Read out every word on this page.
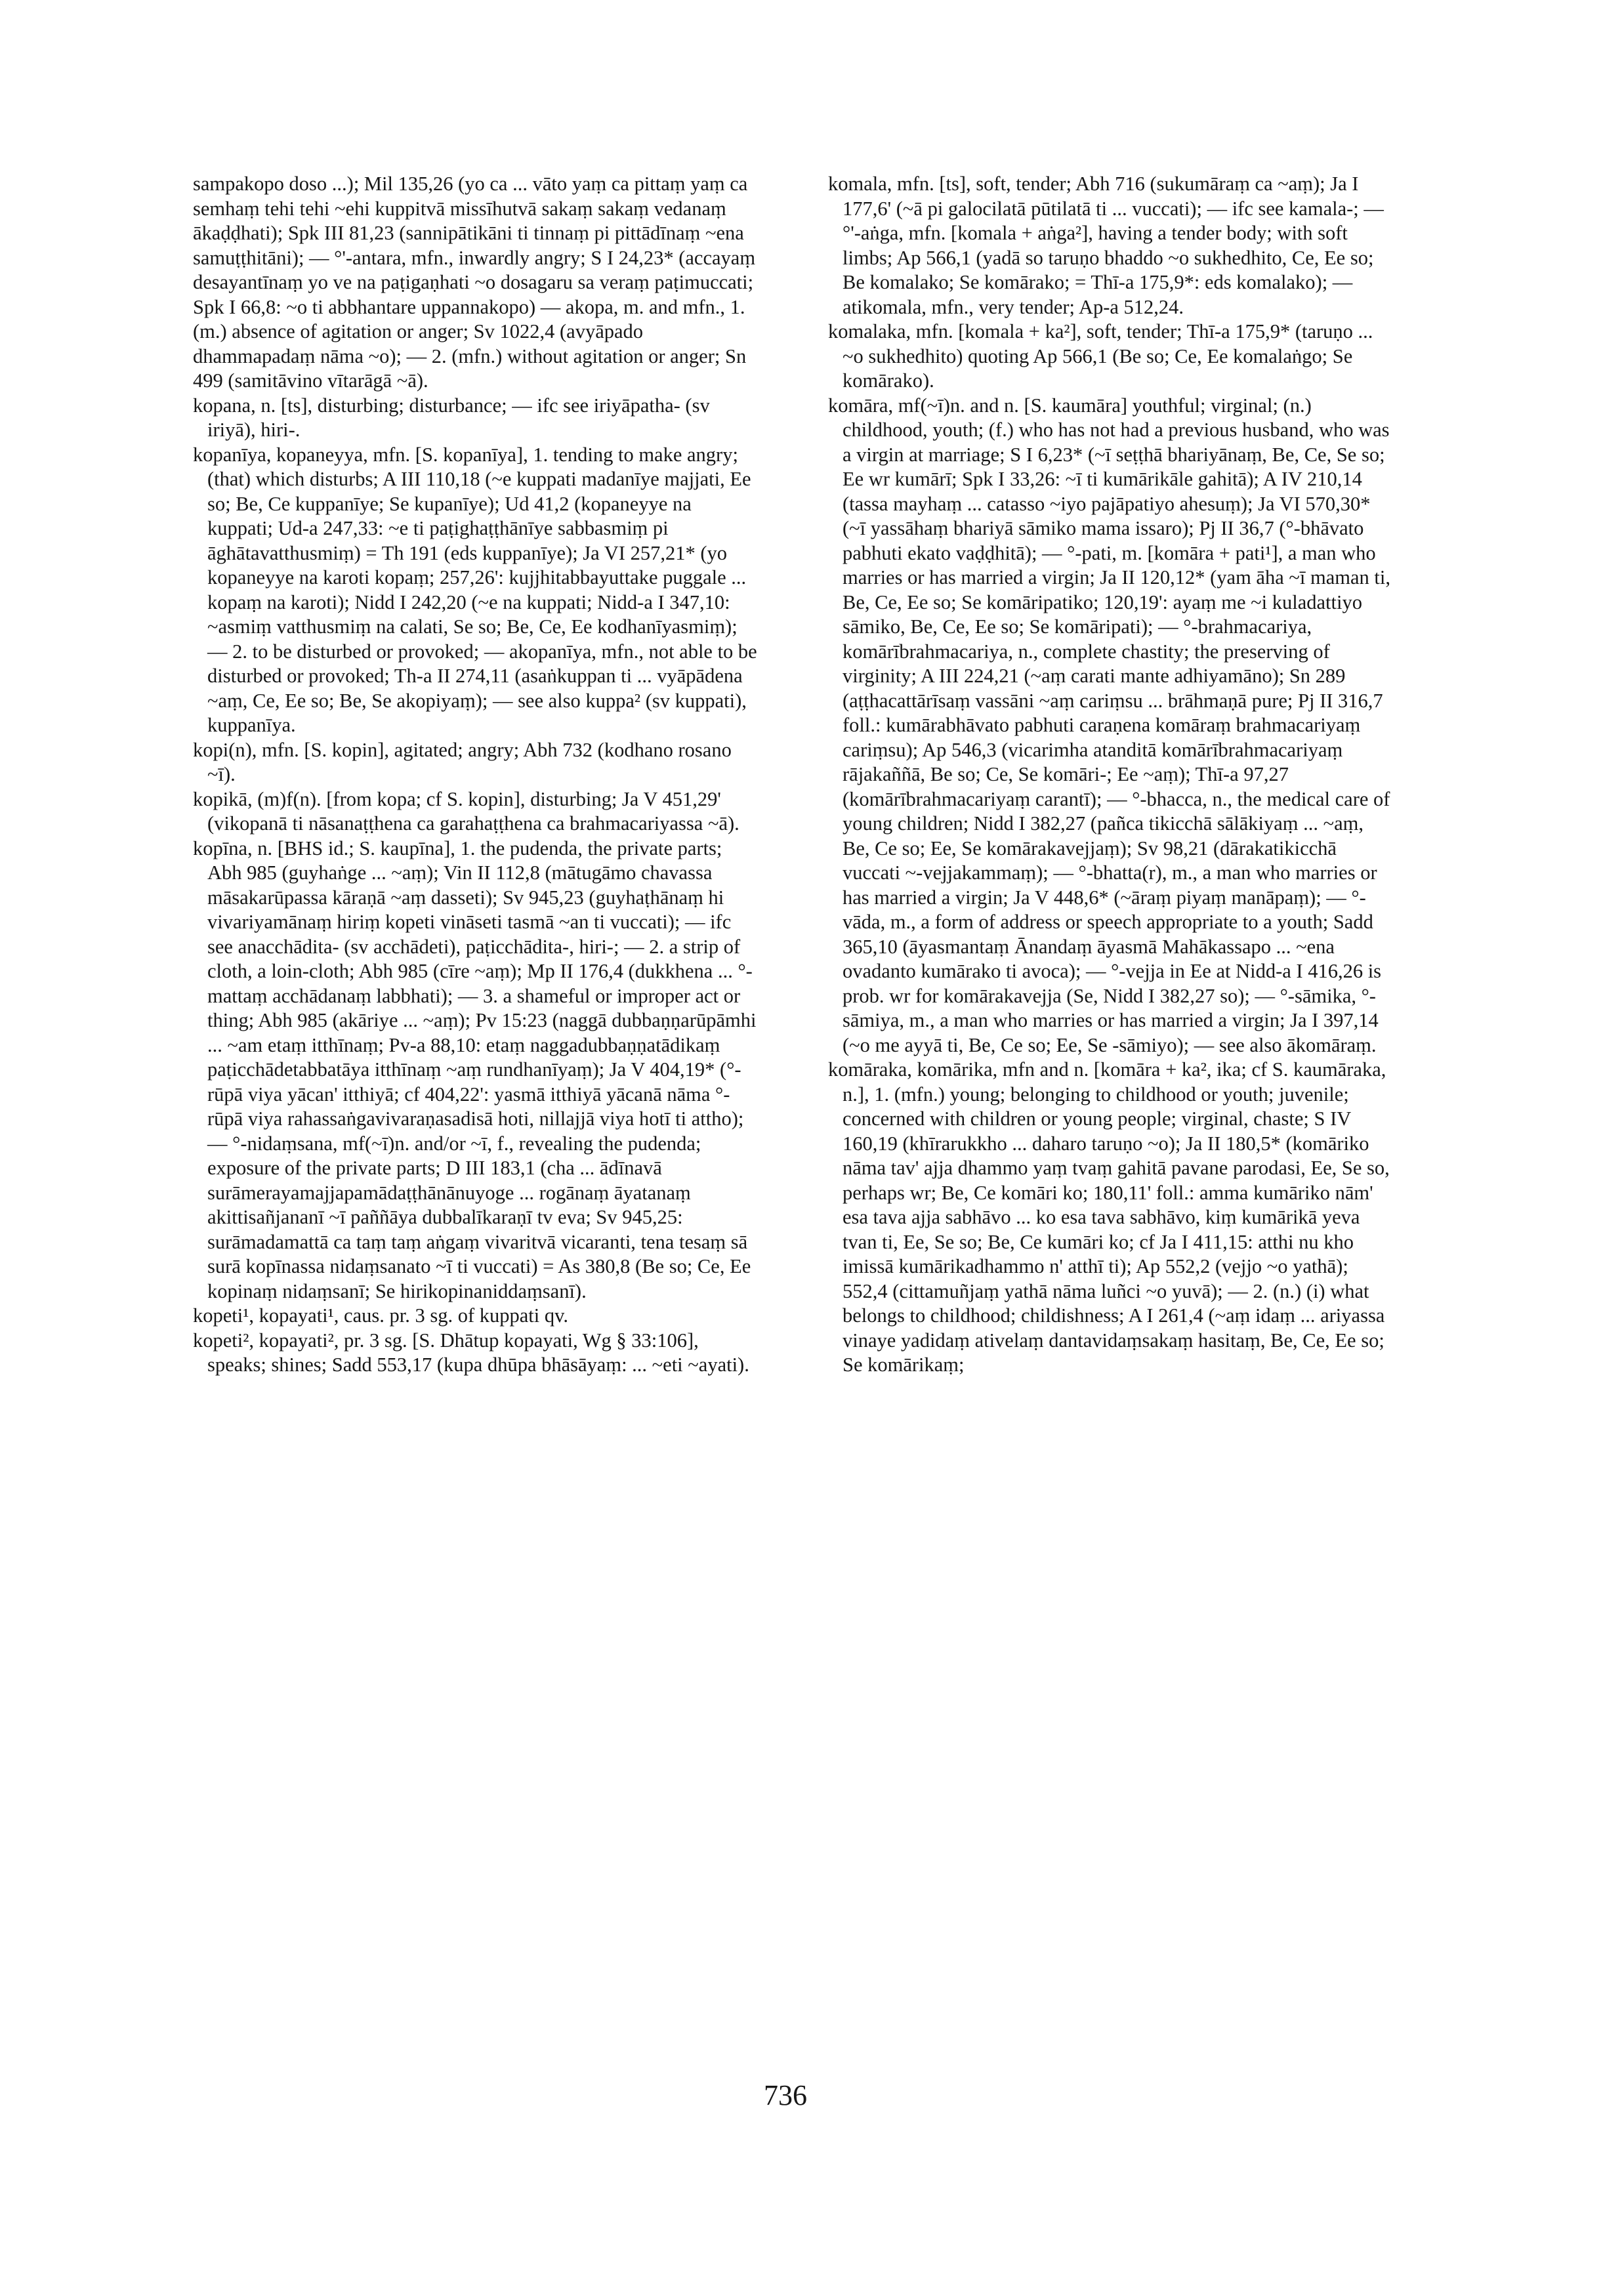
sampakopo doso ...); Mil 135,26 (yo ca ... vāto yaṃ ca pittaṃ yaṃ ca semhaṃ tehi tehi ~ehi kuppitvā missīhutvā sakaṃ sakaṃ vedanaṃ ākaḍḍhati); Spk III 81,23 (sannipātikāni ti tinnaṃ pi pittādīnaṃ ~ena samuṭṭhitāni); — °'-antara, mfn., inwardly angry; S I 24,23* (accayaṃ desayantīnaṃ yo ve na paṭigaṇhati ~o dosagaru sa veraṃ paṭimuccati; Spk I 66,8: ~o ti abbhantare uppannakopo) — akopa, m. and mfn., 1. (m.) absence of agitation or anger; Sv 1022,4 (avyāpado dhammapadaṃ nāma ~o); — 2. (mfn.) without agitation or anger; Sn 499 (samitāvino vītarāgā ~ā).

kopana, n. [ts], disturbing; disturbance; — ifc see iriyāpatha- (sv iriyā), hiri-.

kopanīya, kopaneyya, mfn. [S. kopanīya], 1. tending to make angry; (that) which disturbs; A III 110,18 (~e kuppati madanīye majjati, Ee so; Be, Ce kuppanīye; Se kupanīye); Ud 41,2 (kopaneyye na kuppati; Ud-a 247,33: ~e ti paṭighaṭṭhānīye sabbasmiṃ pi āghātavatthusmiṃ) = Th 191 (eds kuppanīye); Ja VI 257,21* (yo kopaneyye na karoti kopaṃ; 257,26': kujjhitabbayuttake puggale ... kopaṃ na karoti); Nidd I 242,20 (~e na kuppati; Nidd-a I 347,10: ~asmiṃ vatthusmiṃ na calati, Se so; Be, Ce, Ee kodhanīyasmiṃ); — 2. to be disturbed or provoked; — akopanīya, mfn., not able to be disturbed or provoked; Th-a II 274,11 (asaṅkuppan ti ... vyāpādena ~aṃ, Ce, Ee so; Be, Se akopiyaṃ); — see also kuppa² (sv kuppati), kuppanīya.

kopi(n), mfn. [S. kopin], agitated; angry; Abh 732 (kodhano rosano ~ī).

kopikā, (m)f(n). [from kopa; cf S. kopin], disturbing; Ja V 451,29' (vikopanā ti nāsanaṭṭhena ca garahaṭṭhena ca brahmacariyassa ~ā).

kopīna, n. [BHS id.; S. kaupīna], 1. the pudenda, the private parts; Abh 985 (guyhaṅge ... ~aṃ); Vin II 112,8 (mātugāmo chavassa māsakarūpassa kāraṇā ~aṃ dasseti); Sv 945,23 (guyhaṭhānaṃ hi vivariyamānaṃ hiriṃ kopeti vināseti tasmā ~an ti vuccati); — ifc see anacchādita- (sv acchādeti), paṭicchādita-, hiri-; — 2. a strip of cloth, a loin-cloth; Abh 985 (cīre ~aṃ); Mp II 176,4 (dukkhena ... °-mattaṃ acchādanaṃ labbhati); — 3. a shameful or improper act or thing; Abh 985 (akāriye ... ~aṃ); Pv 15:23 (naggā dubbaṇṇarūpāmhi ... ~am etaṃ itthīnaṃ; Pv-a 88,10: etaṃ naggadubbaṇṇatādikaṃ paṭicchādetabbatāya itthīnaṃ ~aṃ rundhanīyaṃ); Ja V 404,19* (°-rūpā viya yācan' itthiyā; cf 404,22': yasmā itthiyā yācanā nāma °-rūpā viya rahassaṅgavivaraṇasadisā hoti, nillajjā viya hotī ti attho); — °-nidaṃsana, mf(~ī)n. and/or ~ī, f., revealing the pudenda; exposure of the private parts; D III 183,1 (cha ... ādīnavā surāmerayamajjapamādaṭṭhānānuyoge ... rogānaṃ āyatanaṃ akittisañjananī ~ī paññāya dubbalīkaraṇī tv eva; Sv 945,25: surāmadamattā ca taṃ taṃ aṅgaṃ vivaritvā vicaranti, tena tesaṃ sā surā kopīnassa nidaṃsanato ~ī ti vuccati) = As 380,8 (Be so; Ce, Ee kopinaṃ nidaṃsanī; Se hirikopinaniddaṃsanī).

kopeti¹, kopayati¹, caus. pr. 3 sg. of kuppati qv.

kopeti², kopayati², pr. 3 sg. [S. Dhātup kopayati, Wg § 33:106], speaks; shines; Sadd 553,17 (kupa dhūpa bhāsāyaṃ: ... ~eti ~ayati).

komala, mfn. [ts], soft, tender; Abh 716 (sukumāraṃ ca ~aṃ); Ja I 177,6' (~ā pi galocilatā pūtilatā ti ... vuccati); — ifc see kamala-; — °'-aṅga, mfn. [komala + aṅga²], having a tender body; with soft limbs; Ap 566,1 (yadā so taruṇo bhaddo ~o sukhedhito, Ce, Ee so; Be komalako; Se komārako; = Thī-a 175,9*: eds komalako); — atikomala, mfn., very tender; Ap-a 512,24.

komalaka, mfn. [komala + ka²], soft, tender; Thī-a 175,9* (taruṇo ... ~o sukhedhito) quoting Ap 566,1 (Be so; Ce, Ee komalaṅgo; Se komārako).

komāra, mf(~ī)n. and n. [S. kaumāra] youthful; virginal; (n.) childhood, youth; (f.) who has not had a previous husband, who was a virgin at marriage; S I 6,23* (~ī seṭṭhā bhariyānaṃ, Be, Ce, Se so; Ee wr kumārī; Spk I 33,26: ~ī ti kumārikāle gahitā); A IV 210,14 (tassa mayhaṃ ... catasso ~iyo pajāpatiyo ahesuṃ); Ja VI 570,30* (~ī yassāhaṃ bhariyā sāmiko mama issaro); Pj II 36,7 (°-bhāvato pabhuti ekato vaḍḍhitā); — °-pati, m. [komāra + pati¹], a man who marries or has married a virgin; Ja II 120,12* (yam āha ~ī maman ti, Be, Ce, Ee so; Se komāripatiko; 120,19': ayaṃ me ~i kuladattiyo sāmiko, Be, Ce, Ee so; Se komāripati); — °-brahmacariya, komārībrahmacariya, n., complete chastity; the preserving of virginity; A III 224,21 (~aṃ carati mante adhiyamāno); Sn 289 (aṭṭhacattārīsaṃ vassāni ~aṃ cariṃsu ... brāhmaṇā pure; Pj II 316,7 foll.: kumārabhāvato pabhuti caraṇena komāraṃ brahmacariyaṃ cariṃsu); Ap 546,3 (vicarimha atanditā komārībrahmacariyaṃ rājakaññā, Be so; Ce, Se komāri-; Ee ~aṃ); Thī-a 97,27 (komārībrahmacariyaṃ carantī); — °-bhacca, n., the medical care of young children; Nidd I 382,27 (pañca tikicchā sālākiyaṃ ... ~aṃ, Be, Ce so; Ee, Se komārakavejjaṃ); Sv 98,21 (dārakatikicchā vuccati ~-vejjakammaṃ); — °-bhatta(r), m., a man who marries or has married a virgin; Ja V 448,6* (~āraṃ piyaṃ manāpaṃ); — °-vāda, m., a form of address or speech appropriate to a youth; Sadd 365,10 (āyasmantaṃ Ānandaṃ āyasmā Mahākassapo ... ~ena ovadanto kumārako ti avoca); — °-vejja in Ee at Nidd-a I 416,26 is prob. wr for komārakavejja (Se, Nidd I 382,27 so); — °-sāmika, °-sāmiya, m., a man who marries or has married a virgin; Ja I 397,14 (~o me ayyā ti, Be, Ce so; Ee, Se -sāmiyo); — see also ākomāraṃ.

komāraka, komārika, mfn and n. [komāra + ka², ika; cf S. kaumāraka, n.], 1. (mfn.) young; belonging to childhood or youth; juvenile; concerned with children or young people; virginal, chaste; S IV 160,19 (khīrarukkho ... daharo taruṇo ~o); Ja II 180,5* (komāriko nāma tav' ajja dhammo yaṃ tvaṃ gahitā pavane parodasi, Ee, Se so, perhaps wr; Be, Ce komāri ko; 180,11' foll.: amma kumāriko nām' esa tava ajja sabhāvo ... ko esa tava sabhāvo, kiṃ kumārikā yeva tvan ti, Ee, Se so; Be, Ce kumāri ko; cf Ja I 411,15: atthi nu kho imissā kumārikadhammo n' atthī ti); Ap 552,2 (vejjo ~o yathā); 552,4 (cittamuñjaṃ yathā nāma luñci ~o yuvā); — 2. (n.) (i) what belongs to childhood; childishness; A I 261,4 (~aṃ idaṃ ... ariyassa vinaye yadidaṃ ativelaṃ dantavidaṃsakaṃ hasitaṃ, Be, Ce, Ee so; Se komārikaṃ;

736
